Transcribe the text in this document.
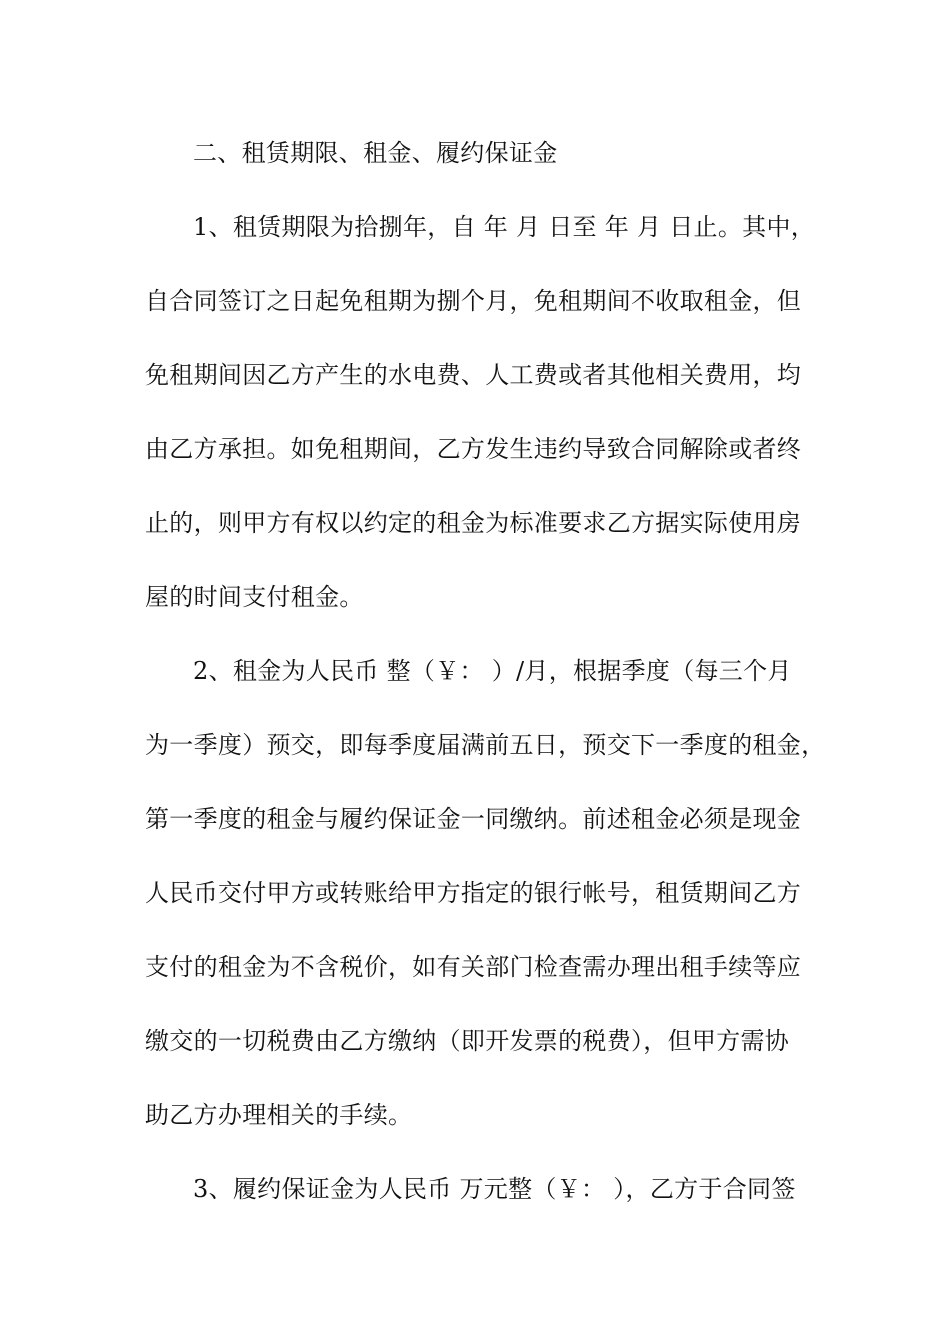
二、租赁期限、租金、履约保证金
1、租赁期限为拾捌年，自 年 月 日至 年 月 日止。其中，
自合同签订之日起免租期为捌个月，免租期间不收取租金，但
免租期间因乙方产生的水电费、人工费或者其他相关费用，均
由乙方承担。如免租期间，乙方发生违约导致合同解除或者终
止的，则甲方有权以约定的租金为标准要求乙方据实际使用房
屋的时间支付租金。
2、租金为人民币 整（￥： ）/月，根据季度（每三个月
为一季度）预交，即每季度届满前五日，预交下一季度的租金，
第一季度的租金与履约保证金一同缴纳。前述租金必须是现金
人民币交付甲方或转账给甲方指定的银行帐号，租赁期间乙方
支付的租金为不含税价，如有关部门检查需办理出租手续等应
缴交的一切税费由乙方缴纳（即开发票的税费），但甲方需协
助乙方办理相关的手续。
3、履约保证金为人民币 万元整（￥： ），乙方于合同签
